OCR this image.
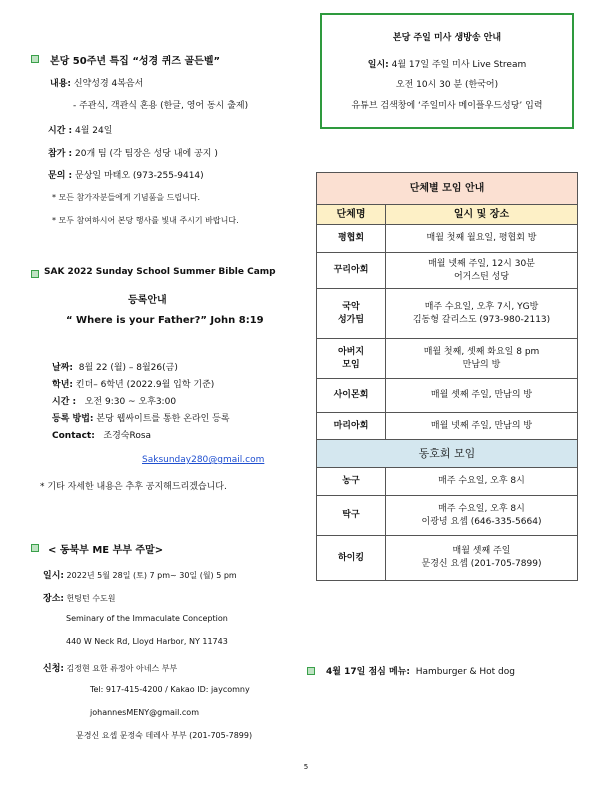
본당 50주년 특집 “성경 퀴즈 골든벨”
내용: 신약성경 4복음서
- 주관식, 객관식 혼용 (한글, 영어 동시 출제)
시간 : 4월 24일
참가 : 20개 팀 (각 팀장은 성당 내에 공지 )
문의 : 문상일 마태오 (973-255-9414)
* 모든 참가자분들에게 기념품을 드립니다.
* 모두 참여하시어 본당 행사를 빛내 주시기 바랍니다.
SAK 2022 Sunday School Summer Bible Camp
등록안내
“ Where is your Father?” John 8:19
날짜: 8월 22 (월) – 8월26(금)
학년: 킨더– 6학년 (2022.9월 입학 기준)
시간 : 오전 9:30 ~ 오후3:00
등록 방법: 본당 웹싸이트를 통한 온라인 등록
Contact: 조경숙Rosa
Saksunday280@gmail.com
* 기타 자세한 내용은 추후 공지해드리겠습니다.
< 동북부 ME 부부 주말>
일시: 2022년 5월 28일 (토) 7 pm~ 30일 (월) 5 pm
장소: 헌팅턴 수도원
Seminary of the Immaculate Conception
440 W Neck Rd, Lloyd Harbor, NY 11743
신청: 김정현 요한 류정아 아네스 부부
Tel: 917-415-4200 / Kakao ID: jaycomny
johannesMENY@gmail.com
문경신 요셉 문정숙 데레사 부부 (201-705-7899)
본당 주일 미사 생방송 안내
일시: 4월 17일 주일 미사 Live Stream
오전 10시 30 분 (한국어)
유튜브 검색창에 ‘주일미사 메이플우드성당’ 입력
단체별 모임 안내	
단체명	일시 및 장소
평협회	매월 첫째 월요일, 평협회 방
꾸리아회	매월 넷째 주일, 12시 30분
어거스틴 성당
국악
성가팀	매주 수요일, 오후 7시, YG방
김동형 갈리스도 (973-980-2113)
아버지
모임	매월 첫째, 셋째 화요일 8 pm
만남의 방
사이몬회	매월 셋째 주일, 만남의 방
마리아회	매월 넷째 주일, 만남의 방
동호회 모임	
농구	매주 수요일, 오후 8시
탁구	매주 수요일, 오후 8시
이광녕 요셉 (646-335-5664)
하이킹	매월 셋째 주일
문경신 요셉 (201-705-7899)
4월 17일 점심 메뉴: Hamburger & Hot dog
5
